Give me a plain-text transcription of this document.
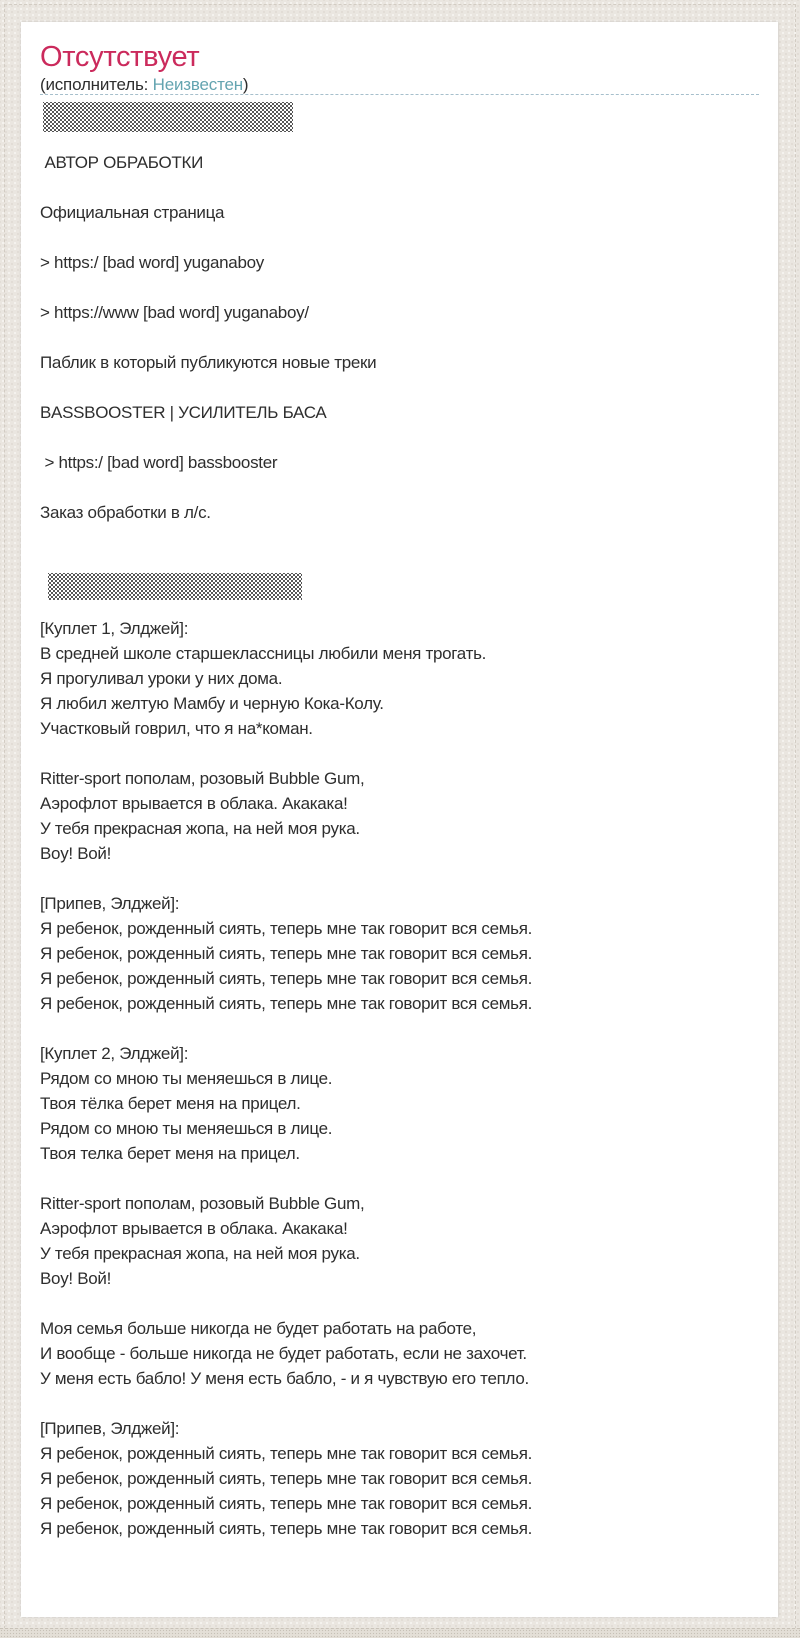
Отсутствует
(исполнитель: Неизвестен)

АВТОР ОБРАБОТКИ

Официальная страница

> https:/ [bad word] yuganaboy

> https://www [bad word] yuganaboy/

Паблик в который публикуются новые треки

BASSBOOSTER | УСИЛИТЕЛЬ БАСА

> https:/ [bad word] bassbooster

Заказ обработки в л/с.

[Куплет 1, Элджей]:
В средней школе старшеклассницы любили меня трогать.
Я прогуливал уроки у них дома.
Я любил желтую Мамбу и черную Кока-Колу.
Участковый говрил, что я на*коман.
Ritter-sport пополам, розовый Bubble Gum,
Аэрофлот врывается в облака. Акакака!
У тебя прекрасная жопа, на ней моя рука.
Boy! Вой!
[Припев, Элджей]:
Я ребенок, рожденный сиять, теперь мне так говорит вся семья.
Я ребенок, рожденный сиять, теперь мне так говорит вся семья.
Я ребенок, рожденный сиять, теперь мне так говорит вся семья.
Я ребенок, рожденный сиять, теперь мне так говорит вся семья.
[Куплет 2, Элджей]:
Рядом со мною ты меняешься в лице.
Твоя тёлка берет меня на прицел.
Рядом со мною ты меняешься в лице.
Твоя телка берет меня на прицел.
Ritter-sport пополам, розовый Bubble Gum,
Аэрофлот врывается в облака. Акакака!
У тебя прекрасная жопа, на ней моя рука.
Boy! Вой!
Моя семья больше никогда не будет работать на работе,
И вообще - больше никогда не будет работать, если не захочет.
У меня есть бабло! У меня есть бабло, - и я чувствую его тепло.
[Припев, Элджей]:
Я ребенок, рожденный сиять, теперь мне так говорит вся семья.
Я ребенок, рожденный сиять, теперь мне так говорит вся семья.
Я ребенок, рожденный сиять, теперь мне так говорит вся семья.
Я ребенок, рожденный сиять, теперь мне так говорит вся семья.
